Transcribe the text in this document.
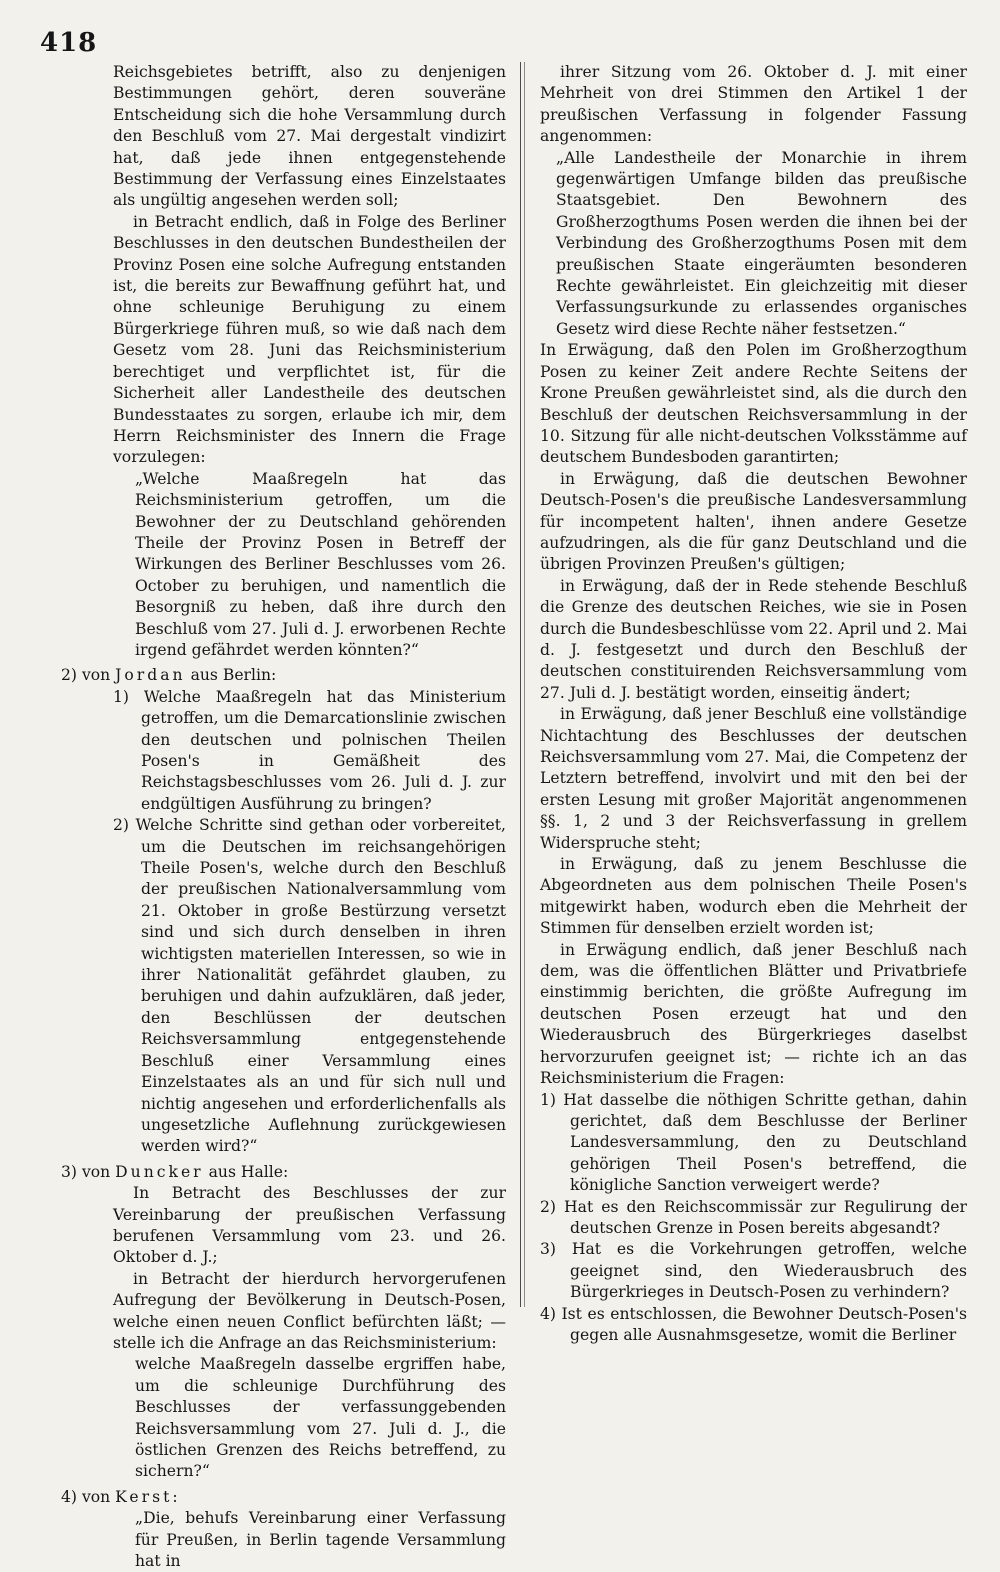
418

Reichsgebietes betrifft, also zu denjenigen Bestimmungen gehört, deren souveräne Entscheidung sich die hohe Versammlung durch den Beschluß vom 27. Mai dergestalt vindizirt hat, daß jede ihnen entgegenstehende Bestimmung der Verfassung eines Einzelstaates als ungültig angesehen werden soll;

in Betracht endlich, daß in Folge des Berliner Beschlusses in den deutschen Bundestheilen der Provinz Posen eine solche Aufregung entstanden ist, die bereits zur Bewaffnung geführt hat, und ohne schleunige Beruhigung zu einem Bürgerkriege führen muß, so wie daß nach dem Gesetz vom 28. Juni das Reichsministerium berechtiget und verpflichtet ist, für die Sicherheit aller Landestheile des deutschen Bundesstaates zu sorgen, erlaube ich mir, dem Herrn Reichsminister des Innern die Frage vorzulegen:

„Welche Maaßregeln hat das Reichsministerium getroffen, um die Bewohner der zu Deutschland gehörenden Theile der Provinz Posen in Betreff der Wirkungen des Berliner Beschlusses vom 26. October zu beruhigen, und namentlich die Besorgniß zu heben, daß ihre durch den Beschluß vom 27. Juli d. J. erworbenen Rechte irgend gefährdet werden könnten?“

2) von Jordan aus Berlin:

1) Welche Maaßregeln hat das Ministerium getroffen, um die Demarcationslinie zwischen den deutschen und polnischen Theilen Posen's in Gemäßheit des Reichstagsbeschlusses vom 26. Juli d. J. zur endgültigen Ausführung zu bringen?

2) Welche Schritte sind gethan oder vorbereitet, um die Deutschen im reichsangehörigen Theile Posen's, welche durch den Beschluß der preußischen Nationalversammlung vom 21. Oktober in große Bestürzung versetzt sind und sich durch denselben in ihren wichtigsten materiellen Interessen, so wie in ihrer Nationalität gefährdet glauben, zu beruhigen und dahin aufzuklären, daß jeder, den Beschlüssen der deutschen Reichsversammlung entgegenstehende Beschluß einer Versammlung eines Einzelstaates als an und für sich null und nichtig angesehen und erforderlichenfalls als ungesetzliche Auflehnung zurückgewiesen werden wird?“

3) von Duncker aus Halle:

In Betracht des Beschlusses der zur Vereinbarung der preußischen Verfassung berufenen Versammlung vom 23. und 26. Oktober d. J.;

in Betracht der hierdurch hervorgerufenen Aufregung der Bevölkerung in Deutsch-Posen, welche einen neuen Conflict befürchten läßt; — stelle ich die Anfrage an das Reichsministerium:

welche Maaßregeln dasselbe ergriffen habe, um die schleunige Durchführung des Beschlusses der verfassunggebenden Reichsversammlung vom 27. Juli d. J., die östlichen Grenzen des Reichs betreffend, zu sichern?“

4) von Kerst:

„Die, behufs Vereinbarung einer Verfassung für Preußen, in Berlin tagende Versammlung hat in

ihrer Sitzung vom 26. Oktober d. J. mit einer Mehrheit von drei Stimmen den Artikel 1 der preußischen Verfassung in folgender Fassung angenommen:

„Alle Landestheile der Monarchie in ihrem gegenwärtigen Umfange bilden das preußische Staatsgebiet. Den Bewohnern des Großherzogthums Posen werden die ihnen bei der Verbindung des Großherzogthums Posen mit dem preußischen Staate eingeräumten besonderen Rechte gewährleistet. Ein gleichzeitig mit dieser Verfassungsurkunde zu erlassendes organisches Gesetz wird diese Rechte näher festsetzen.“

In Erwägung, daß den Polen im Großherzogthum Posen zu keiner Zeit andere Rechte Seitens der Krone Preußen gewährleistet sind, als die durch den Beschluß der deutschen Reichsversammlung in der 10. Sitzung für alle nicht-deutschen Volksstämme auf deutschem Bundesboden garantirten;

in Erwägung, daß die deutschen Bewohner Deutsch-Posen's die preußische Landesversammlung für incompetent halten', ihnen andere Gesetze aufzudringen, als die für ganz Deutschland und die übrigen Provinzen Preußen's gültigen;

in Erwägung, daß der in Rede stehende Beschluß die Grenze des deutschen Reiches, wie sie in Posen durch die Bundesbeschlüsse vom 22. April und 2. Mai d. J. festgesetzt und durch den Beschluß der deutschen constituirenden Reichsversammlung vom 27. Juli d. J. bestätigt worden, einseitig ändert;

in Erwägung, daß jener Beschluß eine vollständige Nichtachtung des Beschlusses der deutschen Reichsversammlung vom 27. Mai, die Competenz der Letztern betreffend, involvirt und mit den bei der ersten Lesung mit großer Majorität angenommenen §§. 1, 2 und 3 der Reichsverfassung in grellem Widerspruche steht;

in Erwägung, daß zu jenem Beschlusse die Abgeordneten aus dem polnischen Theile Posen's mitgewirkt haben, wodurch eben die Mehrheit der Stimmen für denselben erzielt worden ist;

in Erwägung endlich, daß jener Beschluß nach dem, was die öffentlichen Blätter und Privatbriefe einstimmig berichten, die größte Aufregung im deutschen Posen erzeugt hat und den Wiederausbruch des Bürgerkrieges daselbst hervorzurufen geeignet ist; — richte ich an das Reichsministerium die Fragen:

1) Hat dasselbe die nöthigen Schritte gethan, dahin gerichtet, daß dem Beschlusse der Berliner Landesversammlung, den zu Deutschland gehörigen Theil Posen's betreffend, die königliche Sanction verweigert werde?

2) Hat es den Reichscommissär zur Regulirung der deutschen Grenze in Posen bereits abgesandt?

3) Hat es die Vorkehrungen getroffen, welche geeignet sind, den Wiederausbruch des Bürgerkrieges in Deutsch-Posen zu verhindern?

4) Ist es entschlossen, die Bewohner Deutsch-Posen's gegen alle Ausnahmsgesetze, womit die Berliner
